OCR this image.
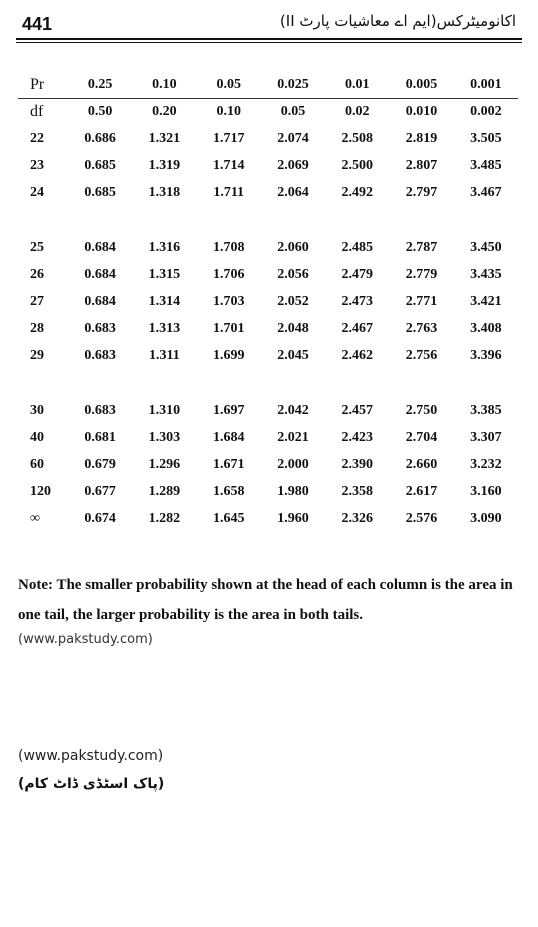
441	اکانومیٹرکس(ایم اے معاشیات پارٹ II)
Pr	0.25	0.10	0.05	0.025	0.01	0.005	0.001
df	0.50	0.20	0.10	0.05	0.02	0.010	0.002
22	0.686	1.321	1.717	2.074	2.508	2.819	3.505
23	0.685	1.319	1.714	2.069	2.500	2.807	3.485
24	0.685	1.318	1.711	2.064	2.492	2.797	3.467

25	0.684	1.316	1.708	2.060	2.485	2.787	3.450
26	0.684	1.315	1.706	2.056	2.479	2.779	3.435
27	0.684	1.314	1.703	2.052	2.473	2.771	3.421
28	0.683	1.313	1.701	2.048	2.467	2.763	3.408
29	0.683	1.311	1.699	2.045	2.462	2.756	3.396

30	0.683	1.310	1.697	2.042	2.457	2.750	3.385
40	0.681	1.303	1.684	2.021	2.423	2.704	3.307
60	0.679	1.296	1.671	2.000	2.390	2.660	3.232
120	0.677	1.289	1.658	1.980	2.358	2.617	3.160
∞	0.674	1.282	1.645	1.960	2.326	2.576	3.090
Note: The smaller probability shown at the head of each column is the area in one tail, the larger probability is the area in both tails.
(www.pakstudy.com)
(www.pakstudy.com)
(پاک اسٹڈی ڈاٹ کام)
